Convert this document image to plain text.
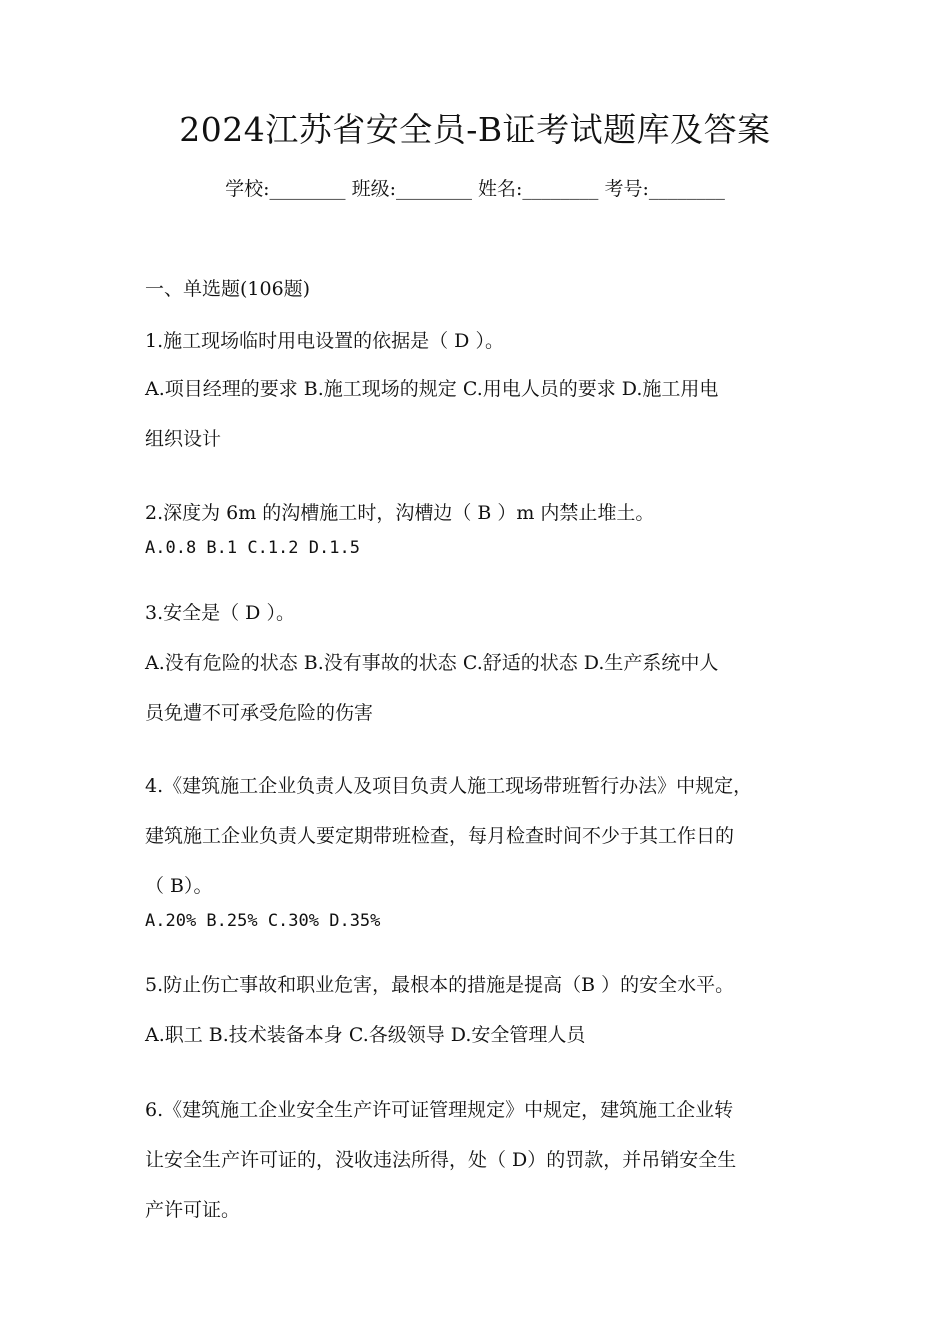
2024江苏省安全员-B证考试题库及答案
学校:________ 班级:________ 姓名:________ 考号:________
一、单选题(106题)
1.施工现场临时用电设置的依据是（ D ）。
A.项目经理的要求 B.施工现场的规定 C.用电人员的要求 D.施工用电
组织设计
2.深度为 6m 的沟槽施工时，沟槽边（ B ）m 内禁止堆土。
A.0.8 B.1 C.1.2 D.1.5
3.安全是（ D ）。
A.没有危险的状态 B.没有事故的状态 C.舒适的状态 D.生产系统中人
员免遭不可承受危险的伤害
4.《建筑施工企业负责人及项目负责人施工现场带班暂行办法》中规定，
建筑施工企业负责人要定期带班检查，每月检查时间不少于其工作日的
（ B）。
A.20% B.25% C.30% D.35%
5.防止伤亡事故和职业危害，最根本的措施是提高（B ）的安全水平。
A.职工 B.技术装备本身 C.各级领导 D.安全管理人员
6.《建筑施工企业安全生产许可证管理规定》中规定，建筑施工企业转
让安全生产许可证的，没收违法所得，处（ D）的罚款，并吊销安全生
产许可证。
